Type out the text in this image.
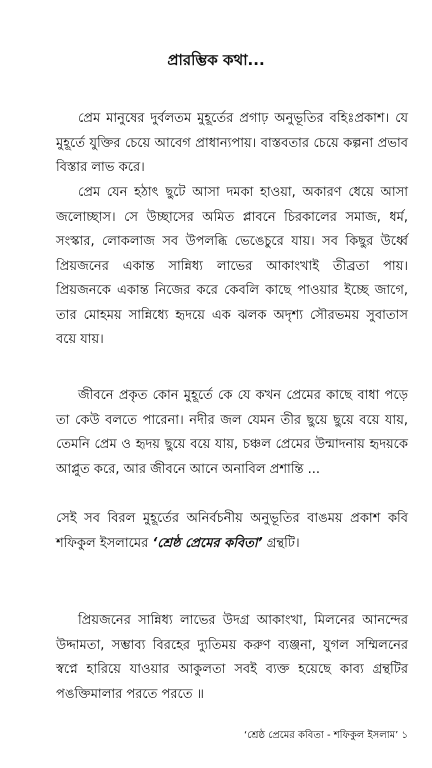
প্রারম্ভিক কথা...

প্রেম মানুষের দুর্বলতম মুহূর্তের প্রগাঢ় অনুভূতির বহিঃপ্রকাশ। যে মুহূর্তে যুক্তির চেয়ে আবেগ প্রাধান্যপায়। বাস্তবতার চেয়ে কল্পনা প্রভাব বিস্তার লাভ করে।

প্রেম যেন হঠাৎ ছুটে আসা দমকা হাওয়া, অকারণ ধেয়ে আসা জলোচ্ছাস। সে উচ্ছাসের অমিত প্লাবনে চিরকালের সমাজ, ধর্ম, সংস্কার, লোকলাজ সব উপলব্ধি ভেঙেচুরে যায়। সব কিছুর উর্ধ্বে প্রিয়জনের একান্ত সান্নিধ্য লাভের আকাংখাই তীব্রতা পায়। প্রিয়জনকে একান্ত নিজের করে কেবলি কাছে পাওয়ার ইচ্ছে জাগে, তার মোহময় সান্নিধ্যে হৃদয়ে এক ঝলক অদৃশ্য সৌরভময় সুবাতাস বয়ে যায়।

জীবনে প্রকৃত কোন মুহূর্তে কে যে কখন প্রেমের কাছে বাধা পড়ে তা কেউ বলতে পারেনা। নদীর জল যেমন তীর ছুয়ে ছুয়ে বয়ে যায়, তেমনি প্রেম ও হৃদয় ছুয়ে বয়ে যায়, চঞ্চল প্রেমের উন্মাদনায় হৃদয়কে আপ্লুত করে, আর জীবনে আনে অনাবিল প্রশান্তি ...

সেই সব বিরল মুহূর্তের অনির্বচনীয় অনুভূতির বাঙময় প্রকাশ কবি শফিকুল ইসলামের ‘শ্রেষ্ঠ প্রেমের কবিতা’ গ্রন্থটি।

প্রিয়জনের সান্নিধ্য লাভের উদগ্র আকাংখা, মিলনের আনন্দের উদ্দামতা, সম্ভাব্য বিরহের দ্যুতিময় করুণ ব্যঞ্জনা, যুগল সম্মিলনের স্বপ্নে হারিয়ে যাওয়ার আকুলতা সবই ব্যক্ত হয়েছে কাব্য গ্রন্থটির পঙক্তিমালার পরতে পরতে ॥

‘শ্রেষ্ঠ প্রেমের কবিতা - শফিকুল ইসলাম’ ১
